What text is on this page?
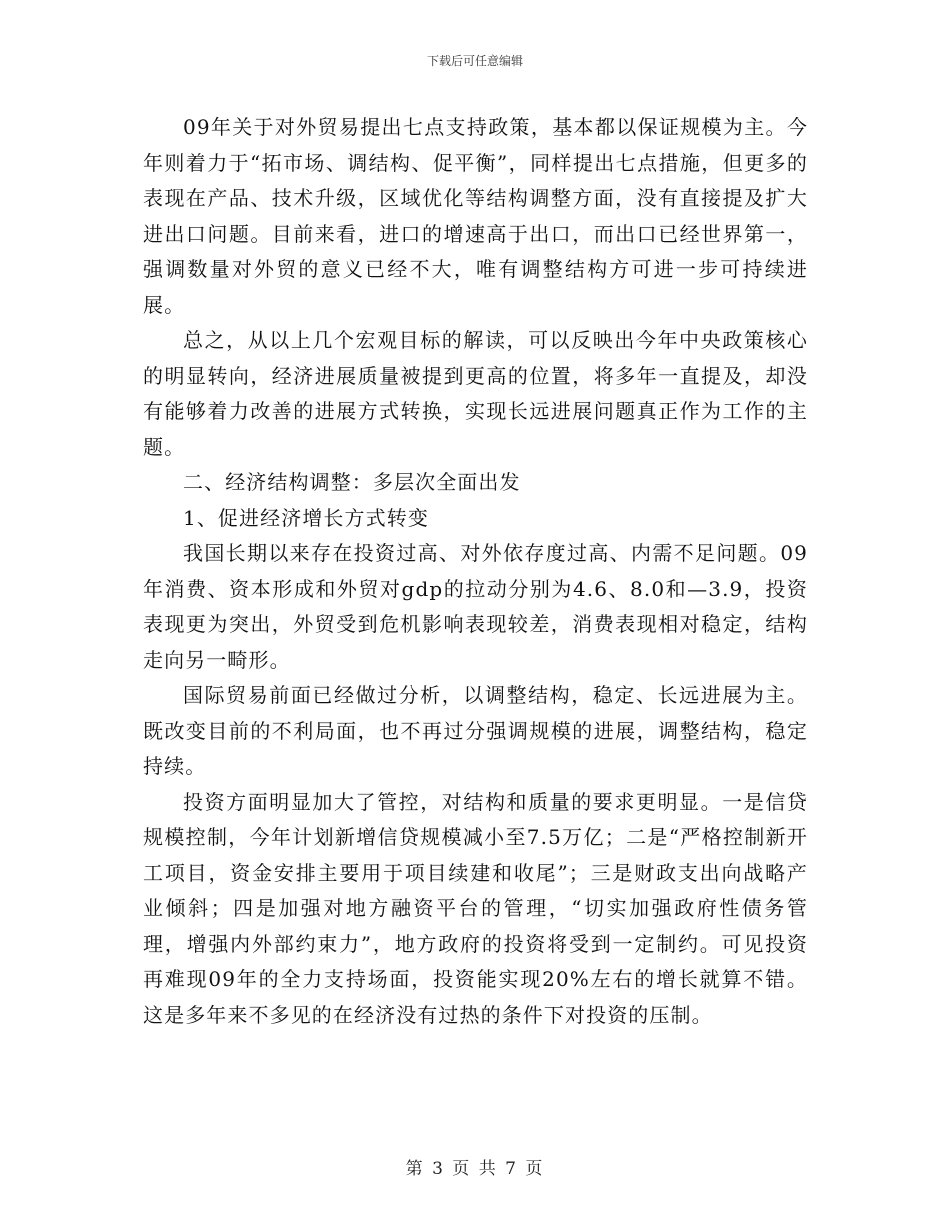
下载后可任意编辑

09年关于对外贸易提出七点支持政策，基本都以保证规模为主。今年则着力于“拓市场、调结构、促平衡”，同样提出七点措施，但更多的表现在产品、技术升级，区域优化等结构调整方面，没有直接提及扩大进出口问题。目前来看，进口的增速高于出口，而出口已经世界第一，强调数量对外贸的意义已经不大，唯有调整结构方可进一步可持续进展。

总之，从以上几个宏观目标的解读，可以反映出今年中央政策核心的明显转向，经济进展质量被提到更高的位置，将多年一直提及，却没有能够着力改善的进展方式转换，实现长远进展问题真正作为工作的主题。

二、经济结构调整：多层次全面出发

1、促进经济增长方式转变

我国长期以来存在投资过高、对外依存度过高、内需不足问题。09年消费、资本形成和外贸对gdp的拉动分别为4.6、8.0和—3.9，投资表现更为突出，外贸受到危机影响表现较差，消费表现相对稳定，结构走向另一畸形。

国际贸易前面已经做过分析，以调整结构，稳定、长远进展为主。既改变目前的不利局面，也不再过分强调规模的进展，调整结构，稳定持续。

投资方面明显加大了管控，对结构和质量的要求更明显。一是信贷规模控制，今年计划新增信贷规模减小至7.5万亿；二是“严格控制新开工项目，资金安排主要用于项目续建和收尾”；三是财政支出向战略产业倾斜；四是加强对地方融资平台的管理，“切实加强政府性债务管理，增强内外部约束力”，地方政府的投资将受到一定制约。可见投资再难现09年的全力支持场面，投资能实现20%左右的增长就算不错。这是多年来不多见的在经济没有过热的条件下对投资的压制。

第 3 页 共 7 页
